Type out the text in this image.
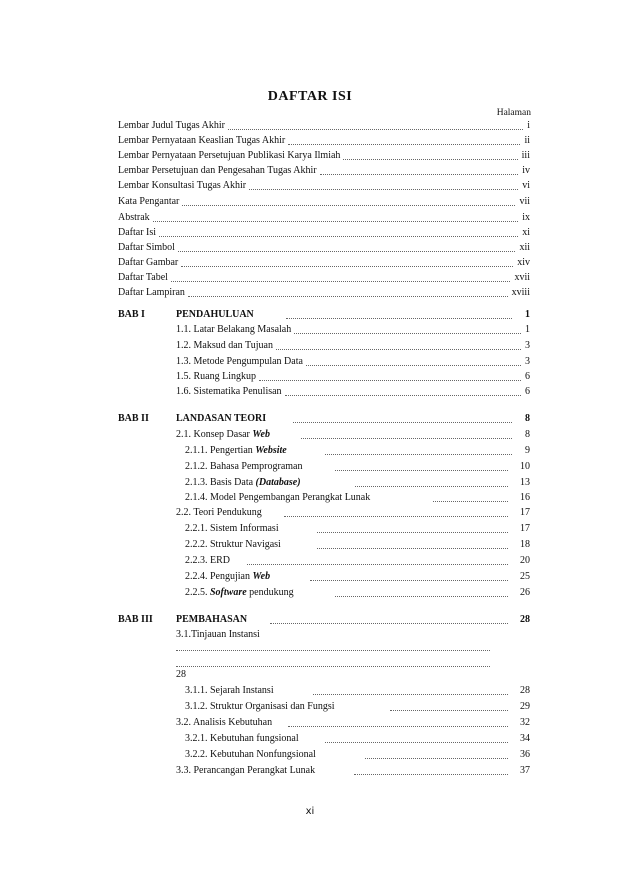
DAFTAR ISI
Halaman
Lembar Judul Tugas Akhir	i
Lembar Pernyataan Keaslian Tugas Akhir	ii
Lembar Pernyataan Persetujuan Publikasi Karya Ilmiah	iii
Lembar Persetujuan dan Pengesahan Tugas Akhir	iv
Lembar Konsultasi Tugas Akhir	vi
Kata Pengantar	vii
Abstrak	ix
Daftar Isi	xi
Daftar Simbol	xii
Daftar Gambar	xiv
Daftar Tabel	xvii
Daftar Lampiran	xviii
BAB I	PENDAHULUAN	1
1.1. Latar Belakang Masalah	1
1.2. Maksud dan Tujuan	3
1.3. Metode Pengumpulan Data	3
1.5. Ruang Lingkup	6
1.6. Sistematika Penulisan	6
BAB II	LANDASAN TEORI	8
2.1. Konsep Dasar Web	8
2.1.1. Pengertian Website	9
2.1.2. Bahasa Pemprograman	10
2.1.3. Basis Data (Database)	13
2.1.4. Model Pengembangan Perangkat Lunak	16
2.2. Teori Pendukung	17
2.2.1. Sistem Informasi	17
2.2.2. Struktur Navigasi	18
2.2.3. ERD	20
2.2.4. Pengujian Web	25
2.2.5. Software pendukung	26
BAB III PEMBAHASAN	28
3.1.Tinjauan Instansi
28
3.1.1. Sejarah Instansi	28
3.1.2. Struktur Organisasi dan Fungsi	29
3.2. Analisis Kebutuhan	32
3.2.1. Kebutuhan fungsional	34
3.2.2. Kebutuhan Nonfungsional	36
3.3. Perancangan Perangkat Lunak	37
xi
